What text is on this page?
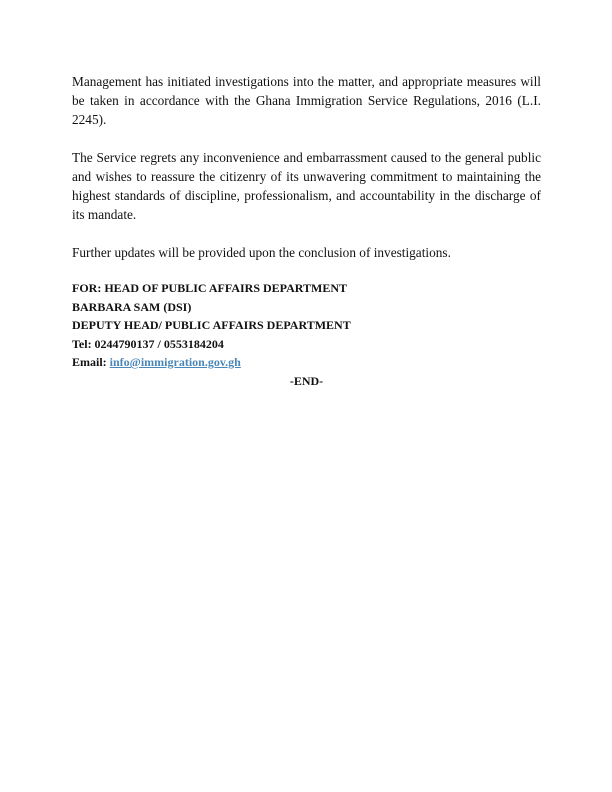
Management has initiated investigations into the matter, and appropriate measures will be taken in accordance with the Ghana Immigration Service Regulations, 2016 (L.I. 2245).

The Service regrets any inconvenience and embarrassment caused to the general public and wishes to reassure the citizenry of its unwavering commitment to maintaining the highest standards of discipline, professionalism, and accountability in the discharge of its mandate.

Further updates will be provided upon the conclusion of investigations.

FOR: HEAD OF PUBLIC AFFAIRS DEPARTMENT
BARBARA SAM (DSI)
DEPUTY HEAD/ PUBLIC AFFAIRS DEPARTMENT
Tel: 0244790137 / 0553184204
Email: info@immigration.gov.gh
-END-
